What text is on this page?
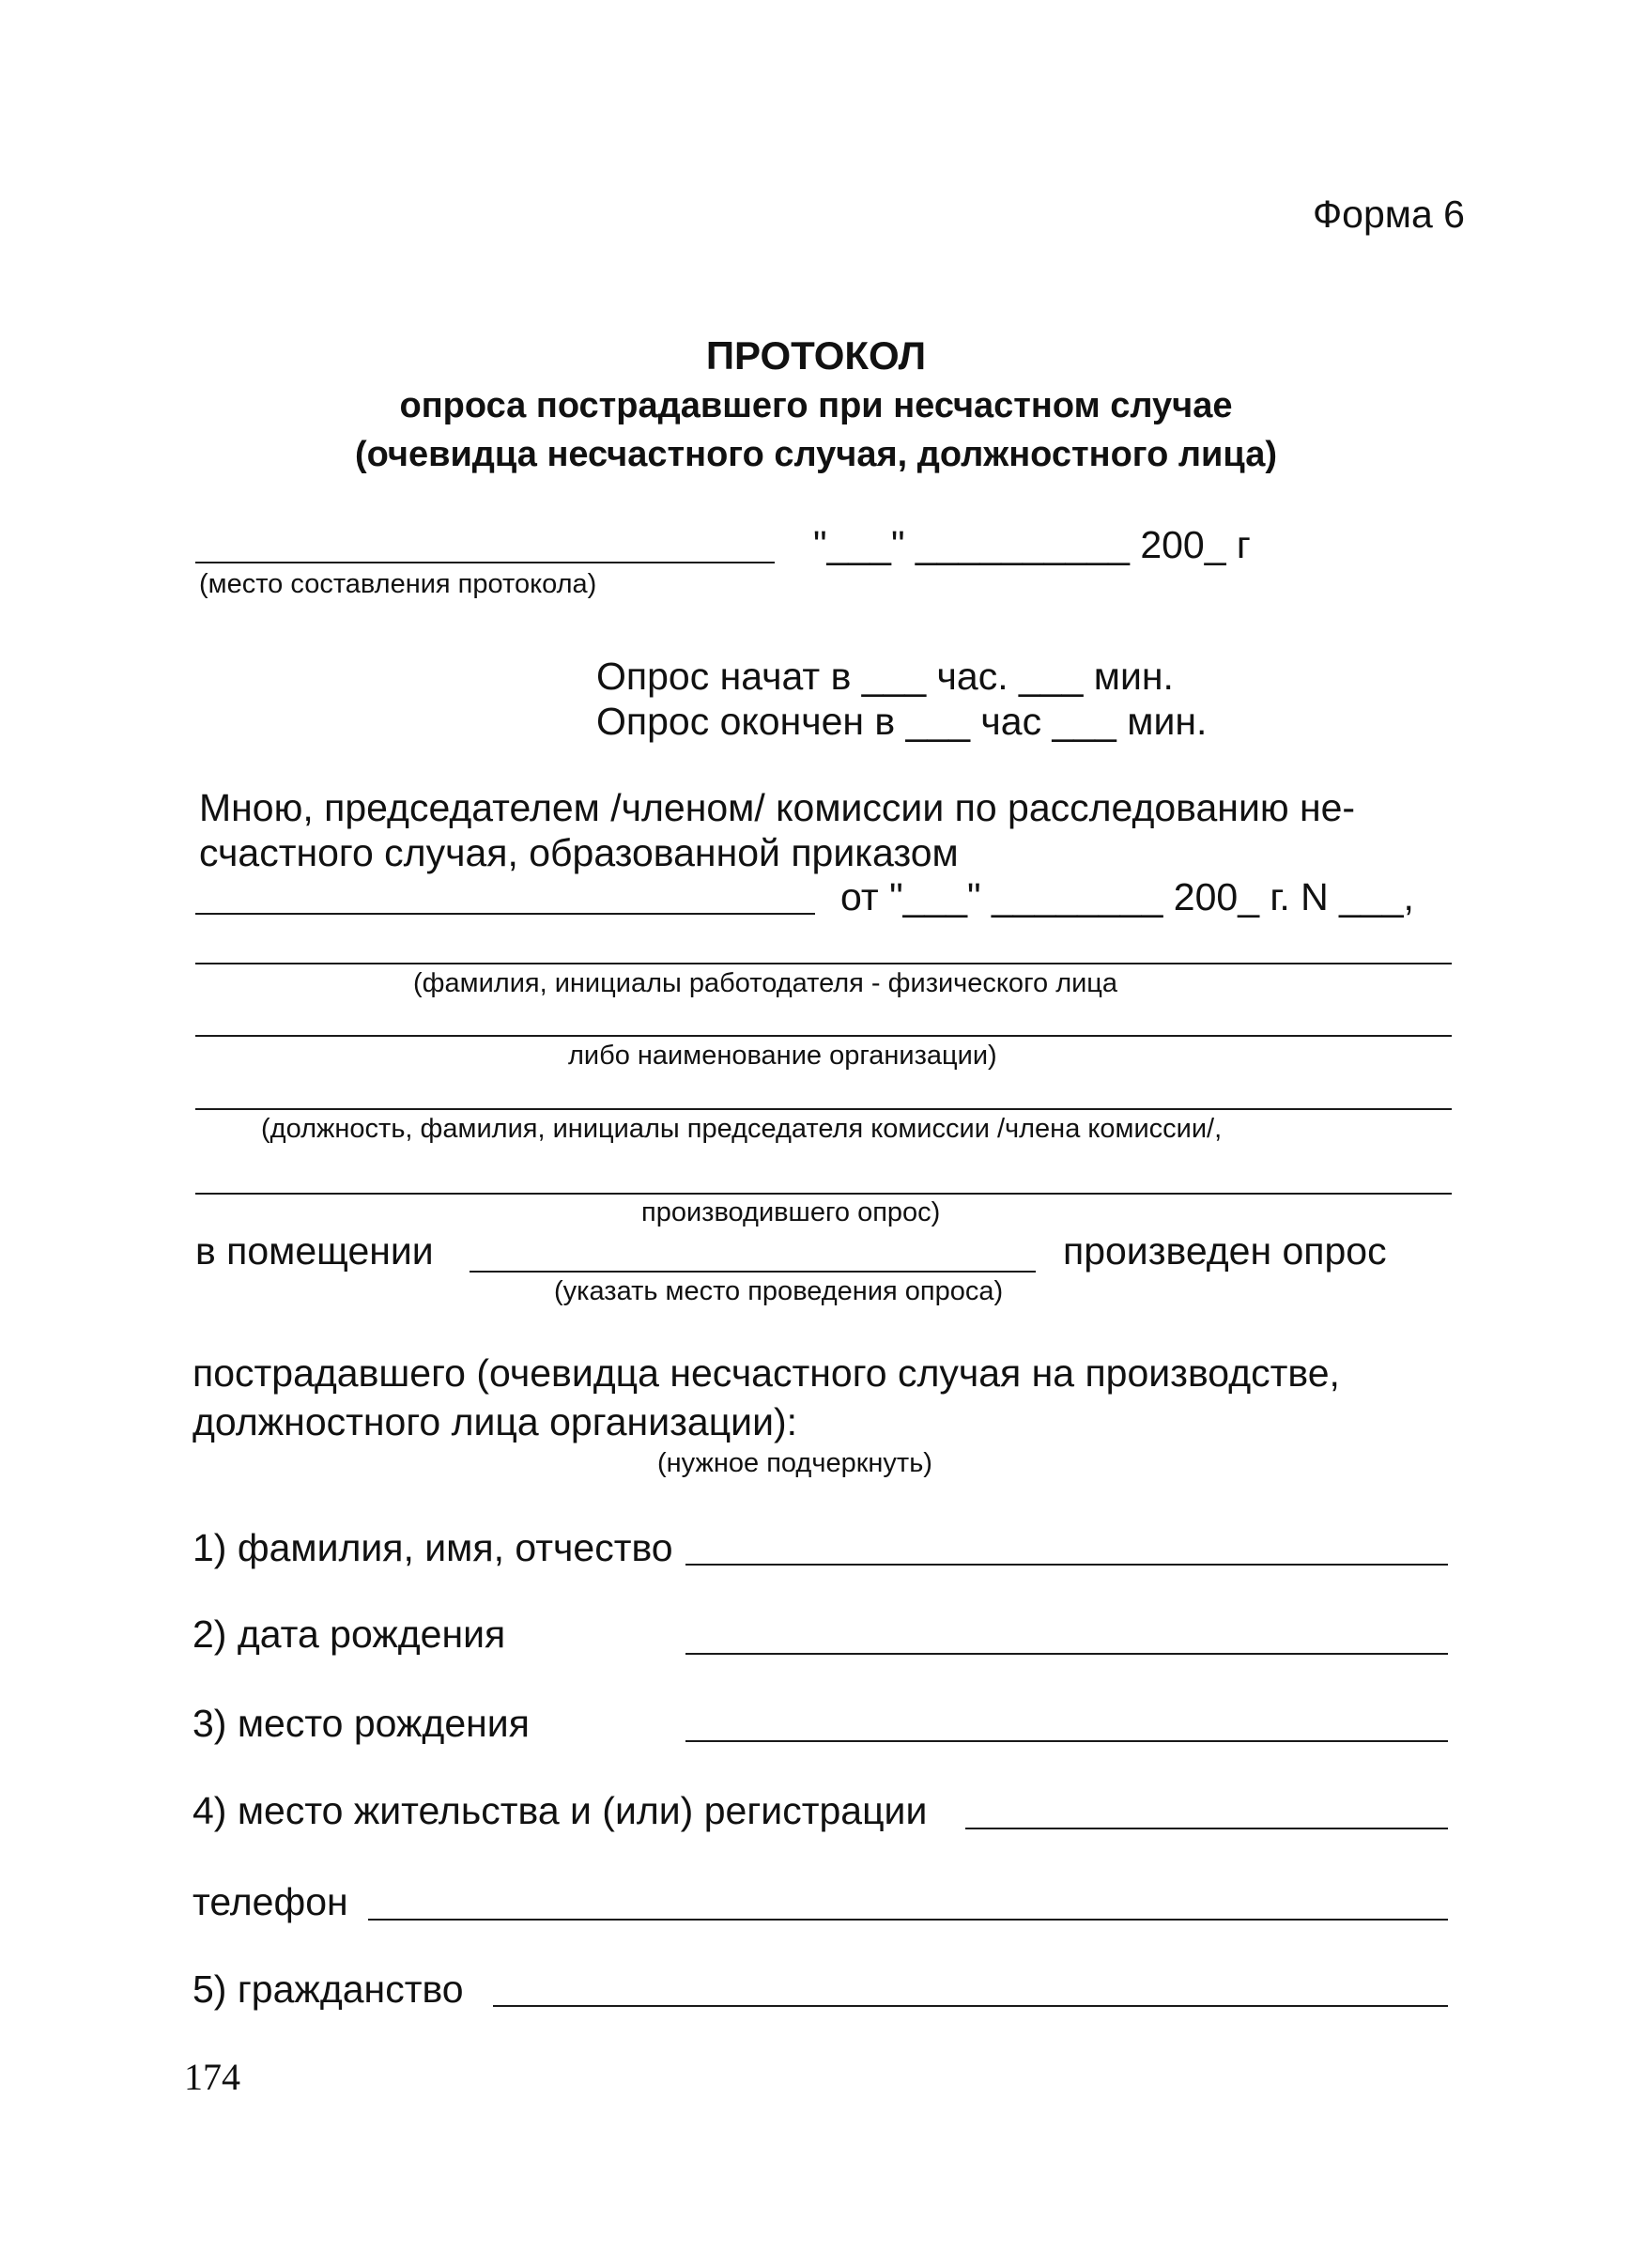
Форма 6
ПРОТОКОЛ
опроса пострадавшего при несчастном случае
(очевидца несчастного случая, должностного лица)
"___" __________ 200_ г
(место составления протокола)
Опрос начат в ___ час. ___ мин.
Опрос окончен в ___ час ___ мин.
Мною, председателем /членом/ комиссии по расследованию не-
счастного случая, образованной приказом
от "___" ________ 200_ г. N ___,
(фамилия, инициалы работодателя - физического лица
либо наименование организации)
(должность, фамилия, инициалы председателя комиссии /члена комиссии/,
производившего опрос)
в помещении	произведен опрос
(указать место проведения опроса)
пострадавшего (очевидца несчастного случая на производстве,
должностного лица организации):
(нужное подчеркнуть)
1) фамилия, имя, отчество
2) дата рождения
3) место рождения
4) место жительства и (или) регистрации
телефон
5) гражданство
174
